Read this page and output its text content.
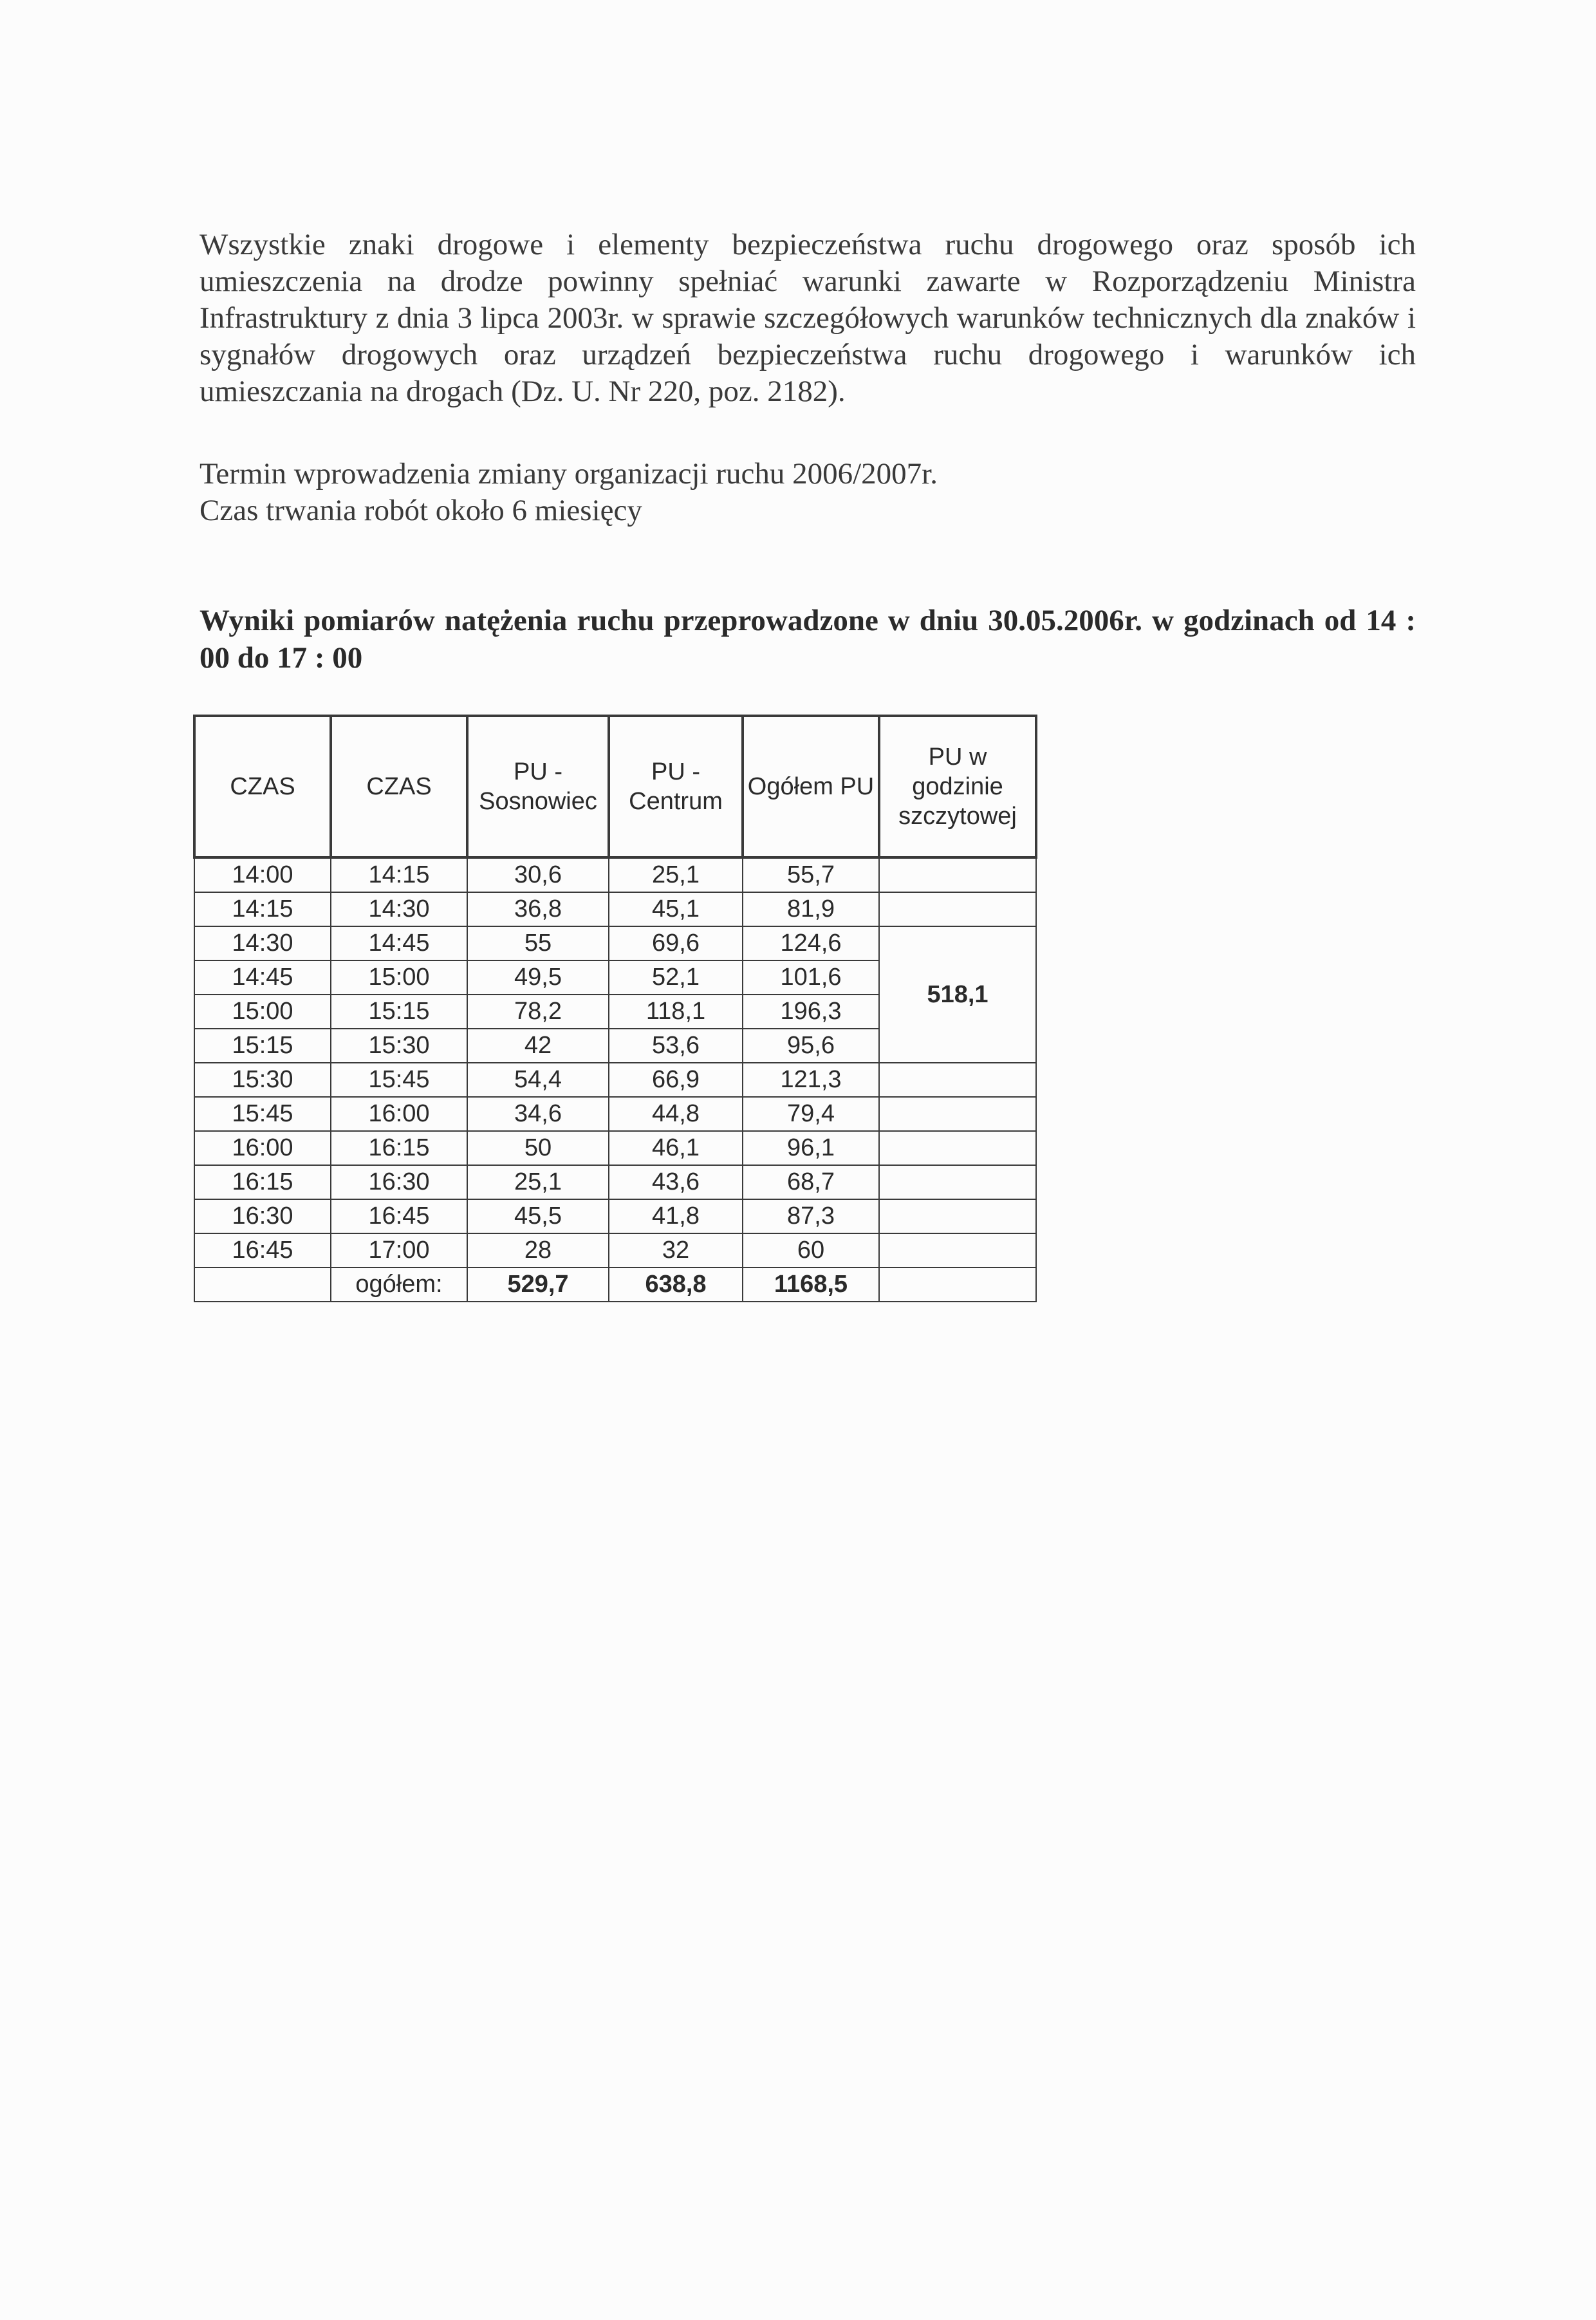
Wszystkie znaki drogowe i elementy bezpieczeństwa ruchu drogowego oraz sposób ich umieszczenia na drodze powinny spełniać warunki zawarte w Rozporządzeniu Ministra Infrastruktury z dnia 3 lipca 2003r. w sprawie szczegółowych warunków technicznych dla znaków i sygnałów drogowych oraz urządzeń bezpieczeństwa ruchu drogowego i warunków ich umieszczania na drogach (Dz. U. Nr 220, poz. 2182).
Termin wprowadzenia zmiany organizacji ruchu 2006/2007r.
Czas trwania robót około 6 miesięcy
Wyniki pomiarów natężenia ruchu przeprowadzone w dniu 30.05.2006r. w godzinach od 14 : 00 do 17 : 00
CZAS	CZAS	PU - Sosnowiec	PU - Centrum	Ogółem PU	PU w godzinie szczytowej
14:00	14:15	30,6	25,1	55,7	
14:15	14:30	36,8	45,1	81,9	
14:30	14:45	55	69,6	124,6	518,1
14:45	15:00	49,5	52,1	101,6	
15:00	15:15	78,2	118,1	196,3	
15:15	15:30	42	53,6	95,6	
15:30	15:45	54,4	66,9	121,3	
15:45	16:00	34,6	44,8	79,4	
16:00	16:15	50	46,1	96,1	
16:15	16:30	25,1	43,6	68,7	
16:30	16:45	45,5	41,8	87,3	
16:45	17:00	28	32	60	
	ogółem:	529,7	638,8	1168,5	
